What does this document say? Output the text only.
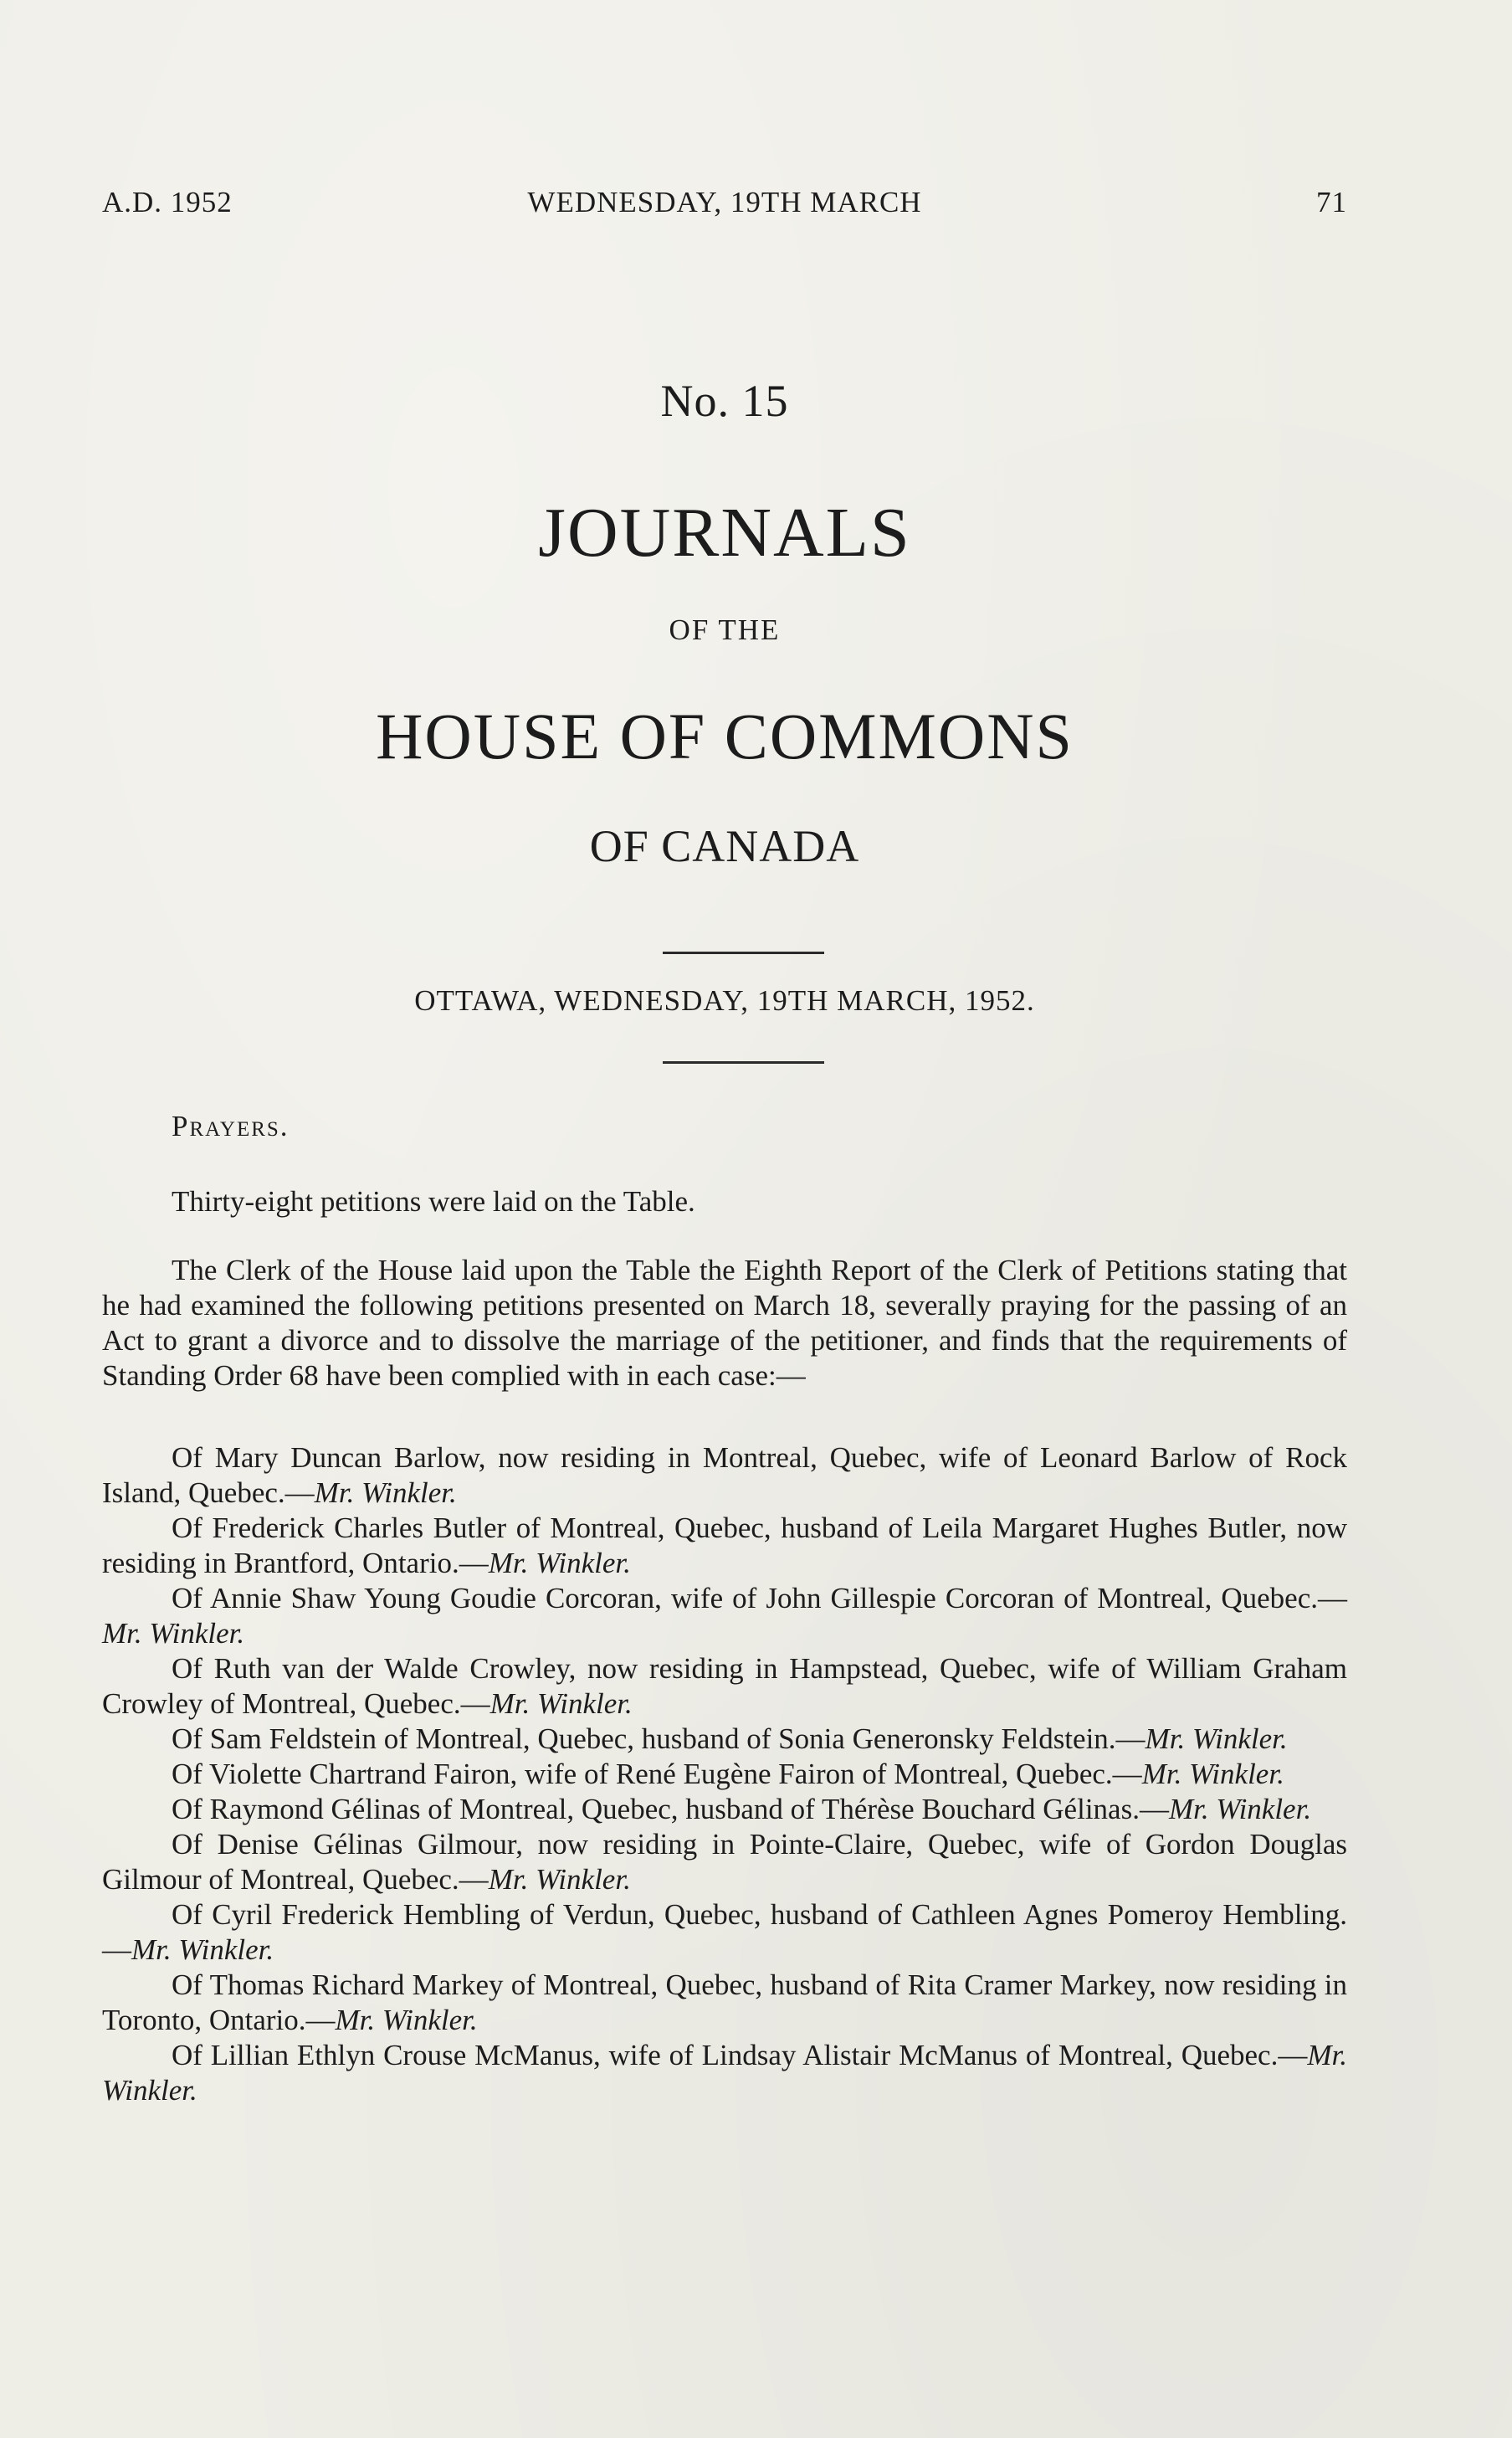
A.D. 1952	WEDNESDAY, 19TH MARCH	71
No. 15
JOURNALS
OF THE
HOUSE OF COMMONS
OF CANADA
OTTAWA, WEDNESDAY, 19TH MARCH, 1952.
Prayers.
Thirty-eight petitions were laid on the Table.
The Clerk of the House laid upon the Table the Eighth Report of the Clerk of Petitions stating that he had examined the following petitions presented on March 18, severally praying for the passing of an Act to grant a divorce and to dissolve the marriage of the petitioner, and finds that the requirements of Standing Order 68 have been complied with in each case:—
Of Mary Duncan Barlow, now residing in Montreal, Quebec, wife of Leonard Barlow of Rock Island, Quebec.—Mr. Winkler.
Of Frederick Charles Butler of Montreal, Quebec, husband of Leila Margaret Hughes Butler, now residing in Brantford, Ontario.—Mr. Winkler.
Of Annie Shaw Young Goudie Corcoran, wife of John Gillespie Corcoran of Montreal, Quebec.—Mr. Winkler.
Of Ruth van der Walde Crowley, now residing in Hampstead, Quebec, wife of William Graham Crowley of Montreal, Quebec.—Mr. Winkler.
Of Sam Feldstein of Montreal, Quebec, husband of Sonia Generonsky Feldstein.—Mr. Winkler.
Of Violette Chartrand Fairon, wife of René Eugène Fairon of Montreal, Quebec.—Mr. Winkler.
Of Raymond Gélinas of Montreal, Quebec, husband of Thérèse Bouchard Gélinas.—Mr. Winkler.
Of Denise Gélinas Gilmour, now residing in Pointe-Claire, Quebec, wife of Gordon Douglas Gilmour of Montreal, Quebec.—Mr. Winkler.
Of Cyril Frederick Hembling of Verdun, Quebec, husband of Cathleen Agnes Pomeroy Hembling.—Mr. Winkler.
Of Thomas Richard Markey of Montreal, Quebec, husband of Rita Cramer Markey, now residing in Toronto, Ontario.—Mr. Winkler.
Of Lillian Ethlyn Crouse McManus, wife of Lindsay Alistair McManus of Montreal, Quebec.—Mr. Winkler.
